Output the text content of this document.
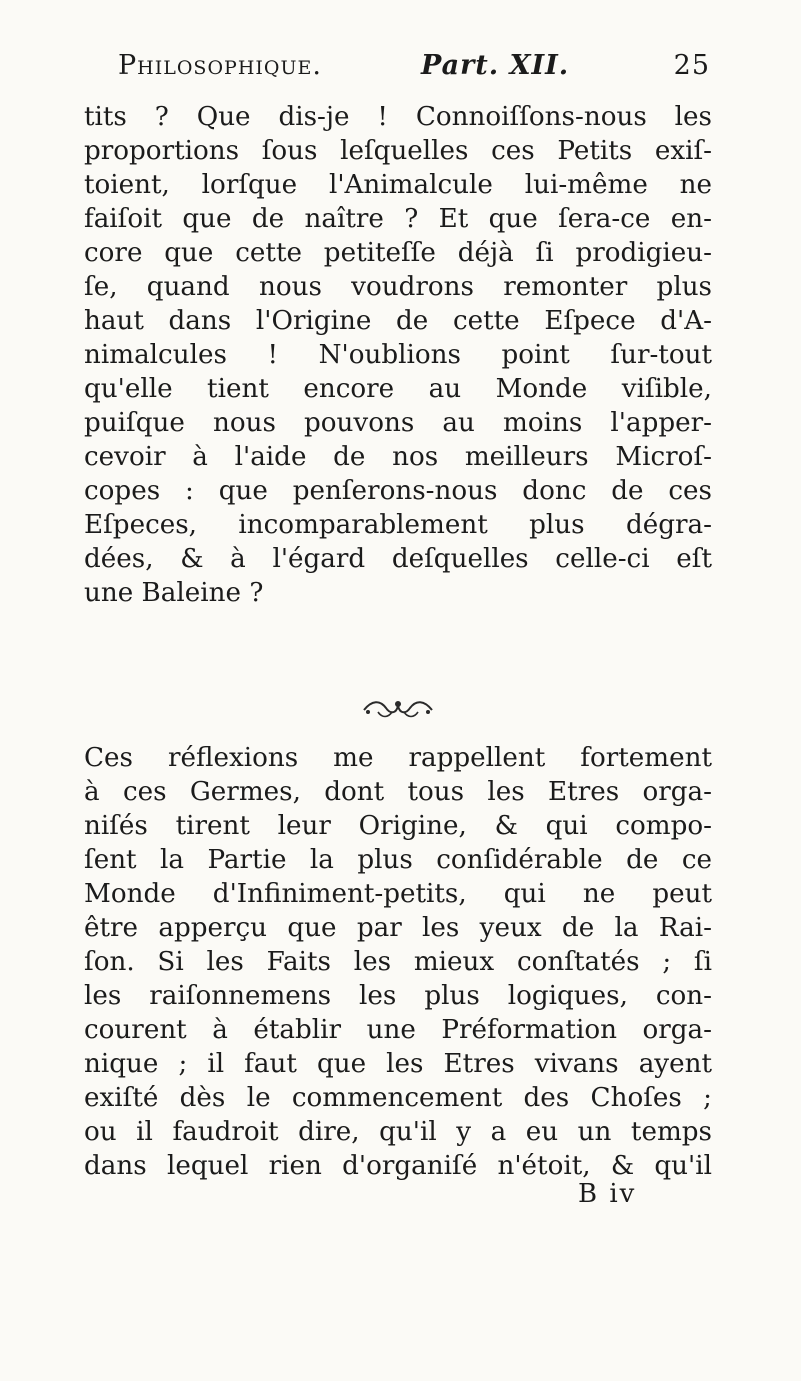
Philosophique.	Part. XII.	25
tits ? Que dis-je ! Connoiſſons-nous les
proportions ſous leſquelles ces Petits exiſ-
toient, lorſque l'Animalcule lui-même ne
faiſoit que de naître ? Et que ſera-ce en-
core que cette petiteſſe déjà ſi prodigieu-
ſe, quand nous voudrons remonter plus
haut dans l'Origine de cette Eſpece d'A-
nimalcules ! N'oublions point ſur-tout
qu'elle tient encore au Monde viſible,
puiſque nous pouvons au moins l'apper-
cevoir à l'aide de nos meilleurs Microſ-
copes : que penſerons-nous donc de ces
Eſpeces, incomparablement plus dégra-
dées, & à l'égard deſquelles celle-ci eſt
une Baleine ?
Ces réflexions me rappellent fortement
à ces Germes, dont tous les Etres orga-
niſés tirent leur Origine, & qui compo-
ſent la Partie la plus conſidérable de ce
Monde d'Infiniment-petits, qui ne peut
être apperçu que par les yeux de la Rai-
ſon. Si les Faits les mieux conſtatés ; ſi
les raiſonnemens les plus logiques, con-
courent à établir une Préformation orga-
nique ; il faut que les Etres vivans ayent
exiſté dès le commencement des Choſes ;
ou il faudroit dire, qu'il y a eu un temps
dans lequel rien d'organiſé n'étoit, & qu'il
B iv
